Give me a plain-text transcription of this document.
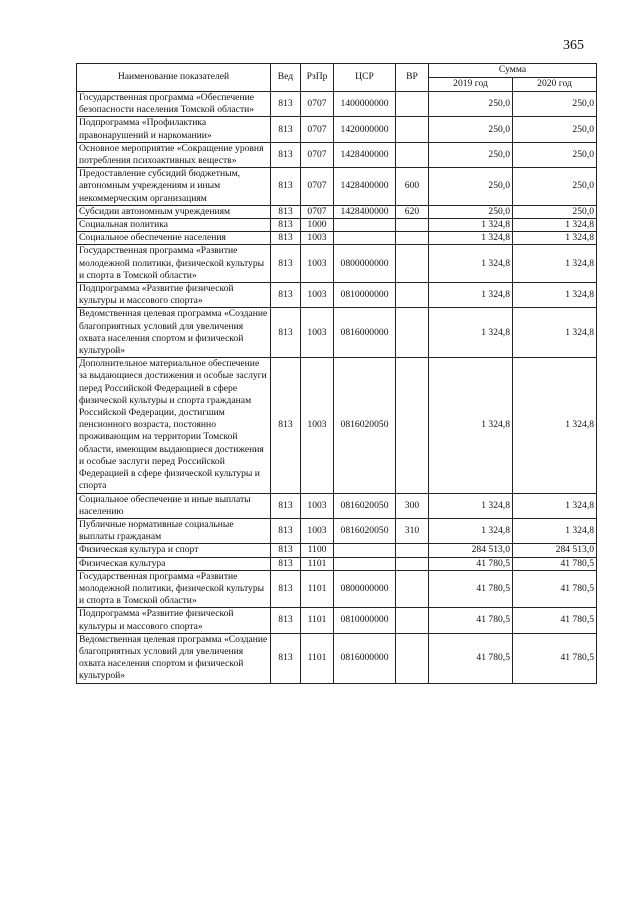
365
Наименование показателей	Вед	РзПр	ЦСР	ВР	Сумма	
					2019 год	2020 год
Государственная программа «Обеспечение безопасности населения Томской области»	813	0707	1400000000		250,0	250,0
Подпрограмма «Профилактика правонарушений и наркомании»	813	0707	1420000000		250,0	250,0
Основное мероприятие «Сокращение уровня потребления психоактивных веществ»	813	0707	1428400000		250,0	250,0
Предоставление субсидий бюджетным, автономным учреждениям и иным некоммерческим организациям	813	0707	1428400000	600	250,0	250,0
Субсидии автономным учреждениям	813	0707	1428400000	620	250,0	250,0
Социальная политика	813	1000			1 324,8	1 324,8
Социальное обеспечение населения	813	1003			1 324,8	1 324,8
Государственная программа «Развитие молодежной политики, физической культуры и спорта в Томской области»	813	1003	0800000000		1 324,8	1 324,8
Подпрограмма «Развитие физической культуры и массового спорта»	813	1003	0810000000		1 324,8	1 324,8
Ведомственная целевая программа «Создание благоприятных условий для увеличения охвата населения спортом и физической культурой»	813	1003	0816000000		1 324,8	1 324,8
Дополнительное материальное обеспечение за выдающиеся достижения и особые заслуги перед Российской Федерацией в сфере физической культуры и спорта гражданам Российской Федерации, достигшим пенсионного возраста, постоянно проживающим на территории Томской области, имеющим выдающиеся достижения и особые заслуги перед Российской Федерацией в сфере физической культуры и спорта	813	1003	0816020050		1 324,8	1 324,8
Социальное обеспечение и иные выплаты населению	813	1003	0816020050	300	1 324,8	1 324,8
Публичные нормативные социальные выплаты гражданам	813	1003	0816020050	310	1 324,8	1 324,8
Физическая культура и спорт	813	1100			284 513,0	284 513,0
Физическая культура	813	1101			41 780,5	41 780,5
Государственная программа «Развитие молодежной политики, физической культуры и спорта в Томской области»	813	1101	0800000000		41 780,5	41 780,5
Подпрограмма «Развитие физической культуры и массового спорта»	813	1101	0810000000		41 780,5	41 780,5
Ведомственная целевая программа «Создание благоприятных условий для увеличения охвата населения спортом и физической культурой»	813	1101	0816000000		41 780,5	41 780,5
